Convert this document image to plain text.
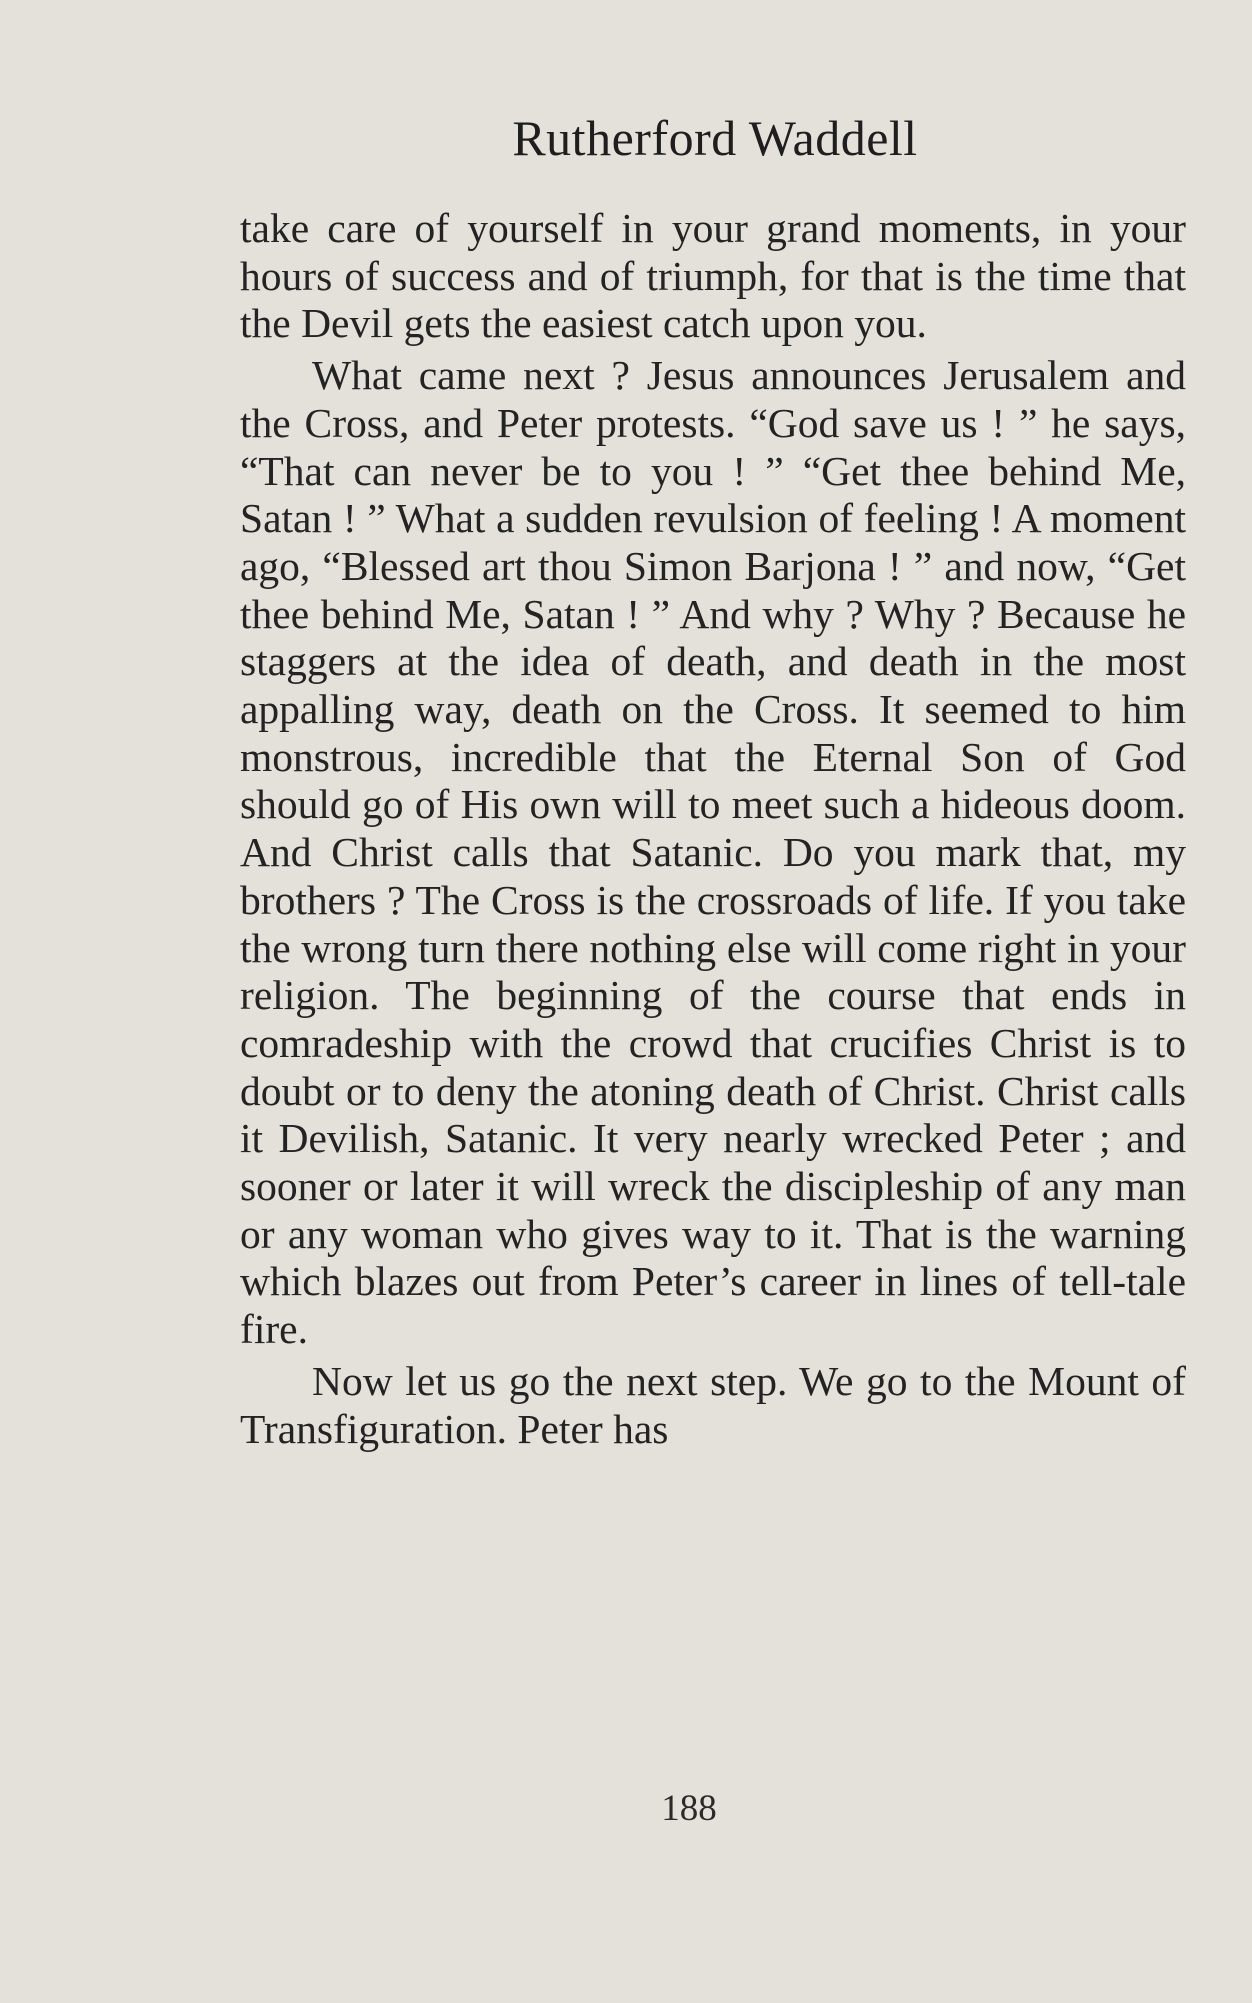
Rutherford Waddell

take care of yourself in your grand moments, in your hours of success and of triumph, for that is the time that the Devil gets the easiest catch upon you.

What came next ? Jesus announces Jerusalem and the Cross, and Peter protests. “God save us ! ” he says, “That can never be to you ! ” “Get thee behind Me, Satan ! ” What a sudden revulsion of feeling ! A moment ago, “Blessed art thou Simon Barjona ! ” and now, “Get thee behind Me, Satan ! ” And why ? Why ? Because he staggers at the idea of death, and death in the most appalling way, death on the Cross. It seemed to him monstrous, incredible that the Eternal Son of God should go of His own will to meet such a hideous doom. And Christ calls that Satanic. Do you mark that, my brothers ? The Cross is the crossroads of life. If you take the wrong turn there nothing else will come right in your religion. The beginning of the course that ends in comradeship with the crowd that crucifies Christ is to doubt or to deny the atoning death of Christ. Christ calls it Devilish, Satanic. It very nearly wrecked Peter ; and sooner or later it will wreck the discipleship of any man or any woman who gives way to it. That is the warning which blazes out from Peter’s career in lines of tell-tale fire.

Now let us go the next step. We go to the Mount of Transfiguration. Peter has

188
